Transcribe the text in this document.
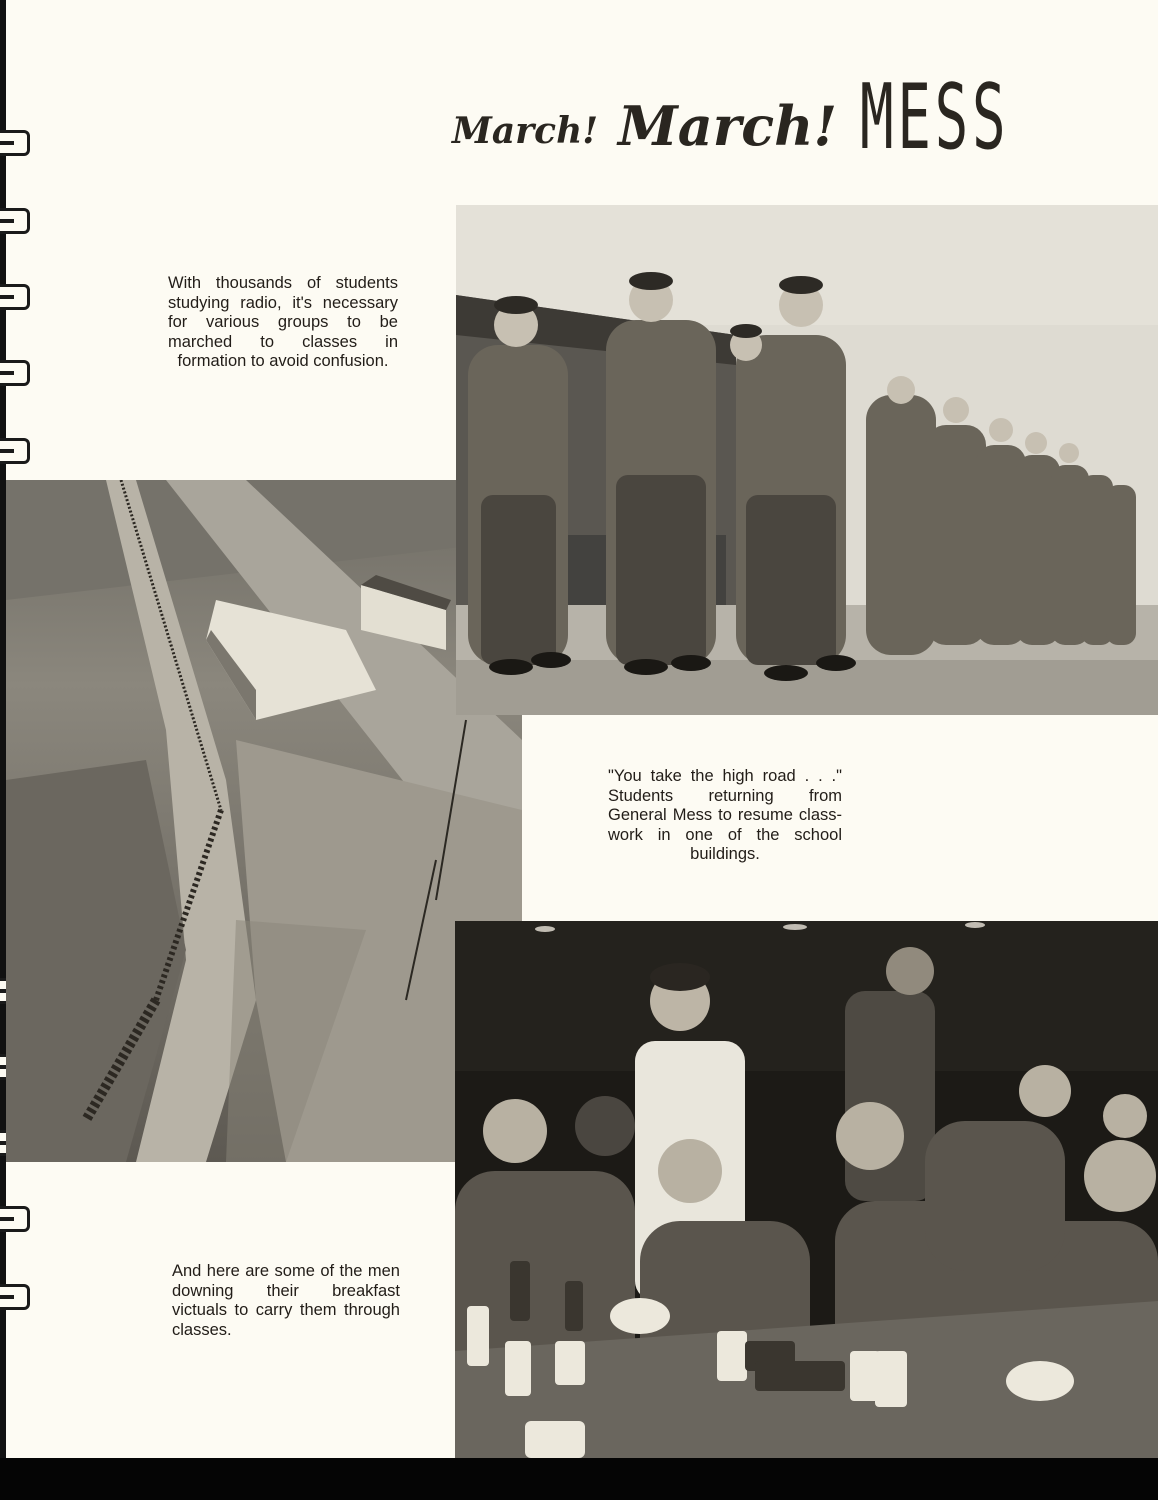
March! March! MESS
With thousands of students studying radio, it's necessary for various groups to be marched to classes in formation to avoid confusion.
"You take the high road . . ." Students returning from General Mess to resume class-work in one of the school buildings.
And here are some of the men downing their breakfast victuals to carry them through classes.
